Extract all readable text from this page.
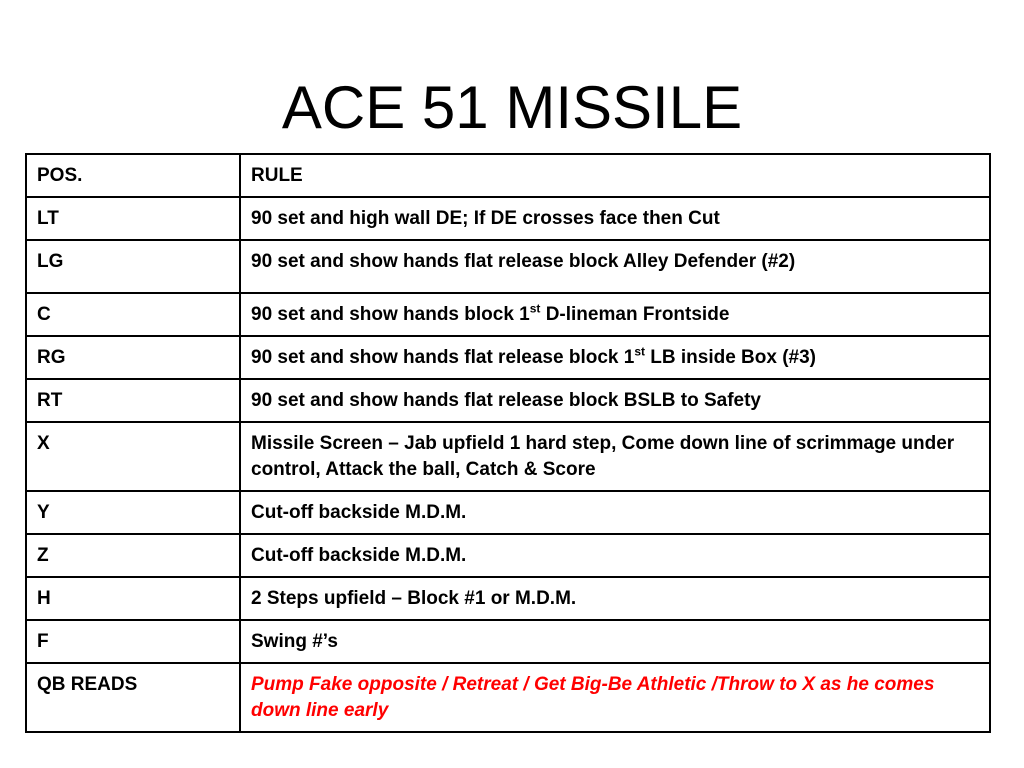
ACE 51 MISSILE
POS.	RULE
LT	90 set and high wall DE; If DE crosses face then Cut
LG	90 set and show hands flat release block Alley Defender (#2)
C	90 set and show hands block 1st D-lineman Frontside
RG	90 set and show hands flat release block 1st LB inside Box (#3)
RT	90 set and show hands flat release block BSLB to Safety
X	Missile Screen – Jab upfield 1 hard step, Come down line of scrimmage under control, Attack the ball, Catch & Score
Y	Cut-off backside M.D.M.
Z	Cut-off backside M.D.M.
H	2 Steps upfield – Block #1 or M.D.M.
F	Swing #’s
QB READS	Pump Fake opposite / Retreat / Get Big-Be Athletic /Throw to X as he comes down line early
